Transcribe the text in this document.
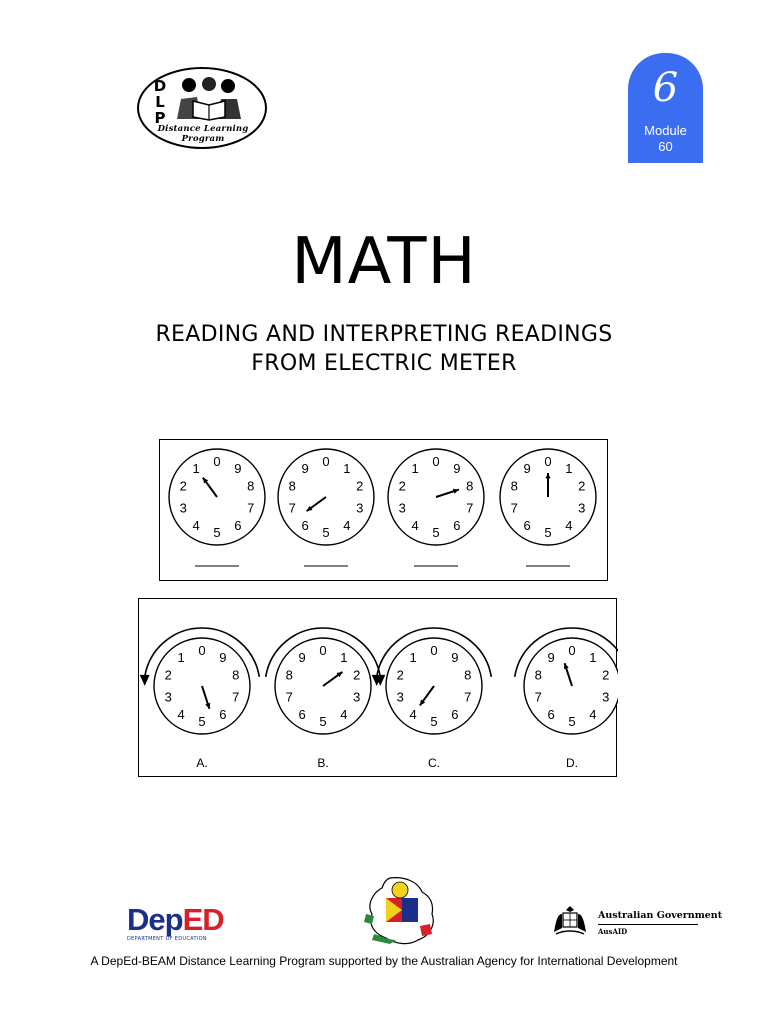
DLP
Distance Learning Program
6
Module
60
MATH
READING AND INTERPRETING READINGS
FROM ELECTRIC METER
0 9
8
7
6
5
4
3
2
1	0 1
2
3
4
5
6
7
8
9	0 9
8
7
6
5
4
3
2
1	0 1
2
3
4
5
6
7
8
9
0 9
8
7
6
5
4
3
2
1
A.
0 1
2
3
4
5
6
7
8
9
B.
0 9
8
7
6
5
4
3
2
1
C.
0 1
2
3
4
5
6
7
8
9
D.
DepED
DEPARTMENT OF EDUCATION
Australian Government
AusAID
A DepEd-BEAM Distance Learning Program supported by the Australian Agency for International Development
